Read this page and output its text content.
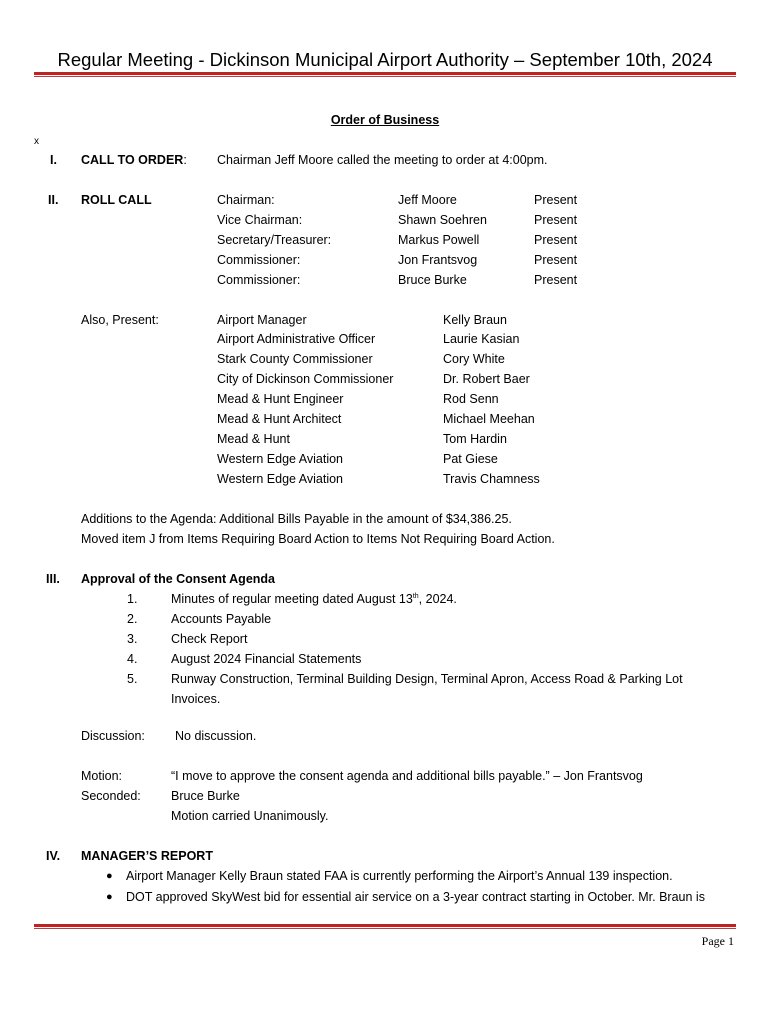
Regular Meeting - Dickinson Municipal Airport Authority – September 10th, 2024
Order of Business
x
I. CALL TO ORDER: Chairman Jeff Moore called the meeting to order at 4:00pm.
II. ROLL CALL	Chairman:	Jeff Moore	Present
Vice Chairman:	Shawn Soehren	Present
Secretary/Treasurer:	Markus Powell	Present
Commissioner:	Jon Frantsvog	Present
Commissioner:	Bruce Burke	Present
Also, Present:	Airport Manager	Kelly Braun
Airport Administrative Officer	Laurie Kasian
Stark County Commissioner	Cory White
City of Dickinson Commissioner	Dr. Robert Baer
Mead & Hunt Engineer	Rod Senn
Mead & Hunt Architect	Michael Meehan
Mead & Hunt	Tom Hardin
Western Edge Aviation	Pat Giese
Western Edge Aviation	Travis Chamness
Additions to the Agenda: Additional Bills Payable in the amount of $34,386.25.
Moved item J from Items Requiring Board Action to Items Not Requiring Board Action.
III. Approval of the Consent Agenda
1.	Minutes of regular meeting dated August 13th, 2024.
2.	Accounts Payable
3.	Check Report
4.	August 2024 Financial Statements
5.	Runway Construction, Terminal Building Design, Terminal Apron, Access Road & Parking Lot
Invoices.
Discussion: No discussion.
Motion:	“I move to approve the consent agenda and additional bills payable.” – Jon Frantsvog
Seconded: Bruce Burke
Motion carried Unanimously.
IV. MANAGER’S REPORT
● Airport Manager Kelly Braun stated FAA is currently performing the Airport’s Annual 139 inspection.
● DOT approved SkyWest bid for essential air service on a 3-year contract starting in October. Mr. Braun is
Page 1
